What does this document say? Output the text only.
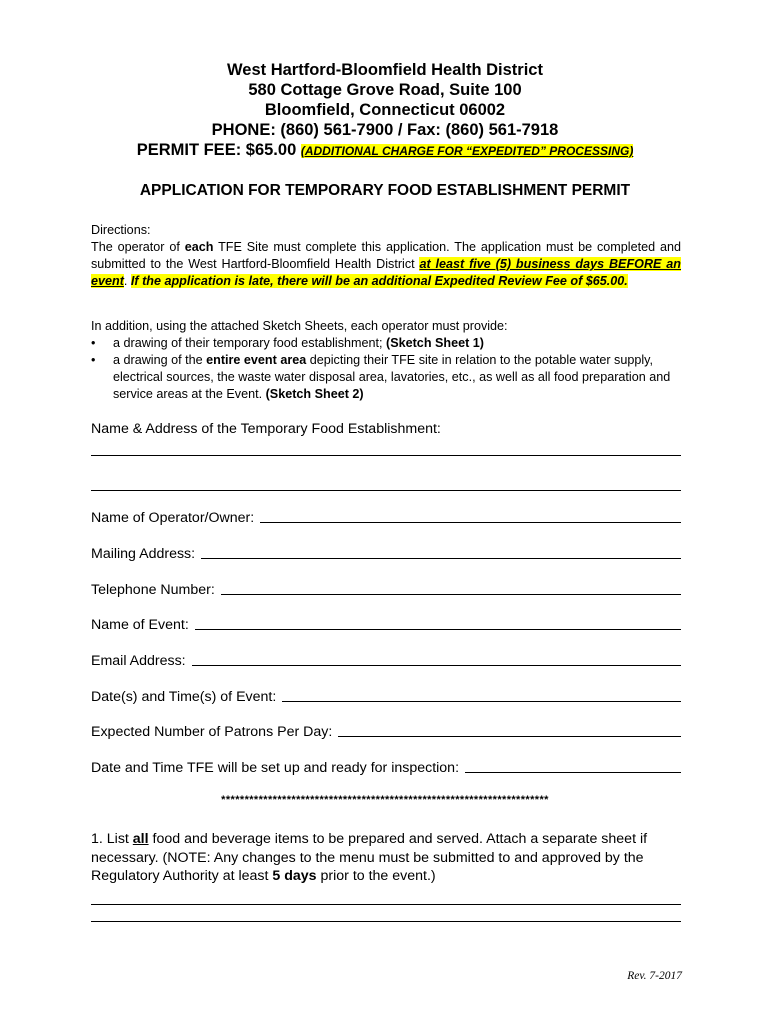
West Hartford-Bloomfield Health District
580 Cottage Grove Road, Suite 100
Bloomfield, Connecticut 06002
PHONE: (860) 561-7900 / Fax: (860) 561-7918
PERMIT FEE: $65.00 (ADDITIONAL CHARGE FOR “EXPEDITED” PROCESSING)
APPLICATION FOR TEMPORARY FOOD ESTABLISHMENT PERMIT
Directions:
The operator of each TFE Site must complete this application. The application must be completed and submitted to the West Hartford-Bloomfield Health District at least five (5) business days BEFORE an event. If the application is late, there will be an additional Expedited Review Fee of $65.00.
In addition, using the attached Sketch Sheets, each operator must provide:
• a drawing of their temporary food establishment; (Sketch Sheet 1)
• a drawing of the entire event area depicting their TFE site in relation to the potable water supply, electrical sources, the waste water disposal area, lavatories, etc., as well as all food preparation and service areas at the Event. (Sketch Sheet 2)
Name & Address of the Temporary Food Establishment:
Name of Operator/Owner:
Mailing Address:
Telephone Number:
Name of Event:
Email Address:
Date(s) and Time(s) of Event:
Expected Number of Patrons Per Day:
Date and Time TFE will be set up and ready for inspection:
**********************************************************************
1. List all food and beverage items to be prepared and served. Attach a separate sheet if necessary. (NOTE: Any changes to the menu must be submitted to and approved by the Regulatory Authority at least 5 days prior to the event.)
Rev. 7-2017
